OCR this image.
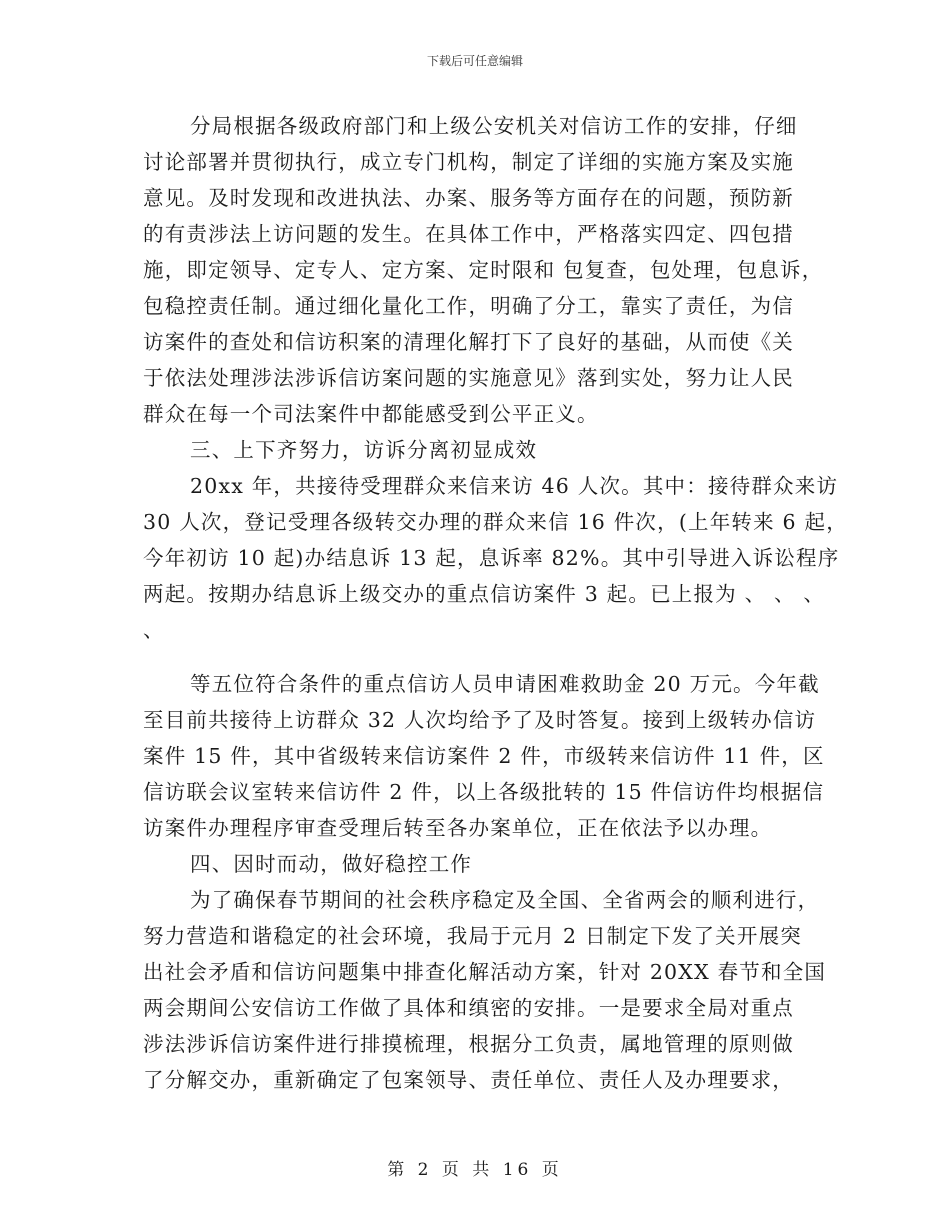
下载后可任意编辑
分局根据各级政府部门和上级公安机关对信访工作的安排，仔细
讨论部署并贯彻执行，成立专门机构，制定了详细的实施方案及实施
意见。及时发现和改进执法、办案、服务等方面存在的问题，预防新
的有责涉法上访问题的发生。在具体工作中，严格落实四定、四包措
施，即定领导、定专人、定方案、定时限和 包复查，包处理，包息诉，
包稳控责任制。通过细化量化工作，明确了分工，靠实了责任，为信
访案件的查处和信访积案的清理化解打下了良好的基础，从而使《关
于依法处理涉法涉诉信访案问题的实施意见》落到实处，努力让人民
群众在每一个司法案件中都能感受到公平正义。
三、上下齐努力，访诉分离初显成效
20xx 年，共接待受理群众来信来访 46 人次。其中：接待群众来访
30 人次，登记受理各级转交办理的群众来信 16 件次，(上年转来 6 起，
今年初访 10 起)办结息诉 13 起，息诉率 82%。其中引导进入诉讼程序
两起。按期办结息诉上级交办的重点信访案件 3 起。已上报为 、 、 、
、
等五位符合条件的重点信访人员申请困难救助金 20 万元。今年截
至目前共接待上访群众 32 人次均给予了及时答复。接到上级转办信访
案件 15 件，其中省级转来信访案件 2 件，市级转来信访件 11 件，区
信访联会议室转来信访件 2 件，以上各级批转的 15 件信访件均根据信
访案件办理程序审查受理后转至各办案单位，正在依法予以办理。
四、因时而动，做好稳控工作
为了确保春节期间的社会秩序稳定及全国、全省两会的顺利进行，
努力营造和谐稳定的社会环境，我局于元月 2 日制定下发了关开展突
出社会矛盾和信访问题集中排查化解活动方案，针对 20XX 春节和全国
两会期间公安信访工作做了具体和缜密的安排。一是要求全局对重点
涉法涉诉信访案件进行排摸梳理，根据分工负责，属地管理的原则做
了分解交办，重新确定了包案领导、责任单位、责任人及办理要求，
第 2 页 共 16 页
